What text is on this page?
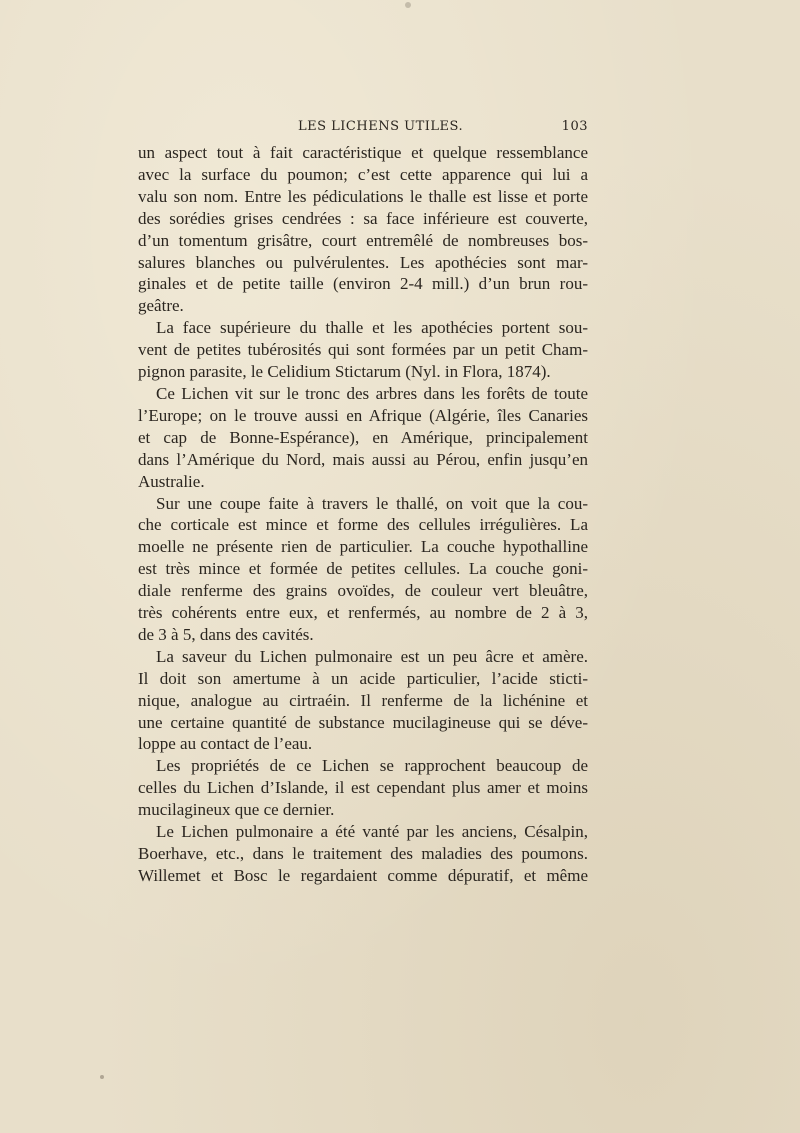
LES LICHENS UTILES.	103
un aspect tout à fait caractéristique et quelque ressemblance
avec la surface du poumon; c’est cette apparence qui lui a
valu son nom. Entre les pédiculations le thalle est lisse et porte
des sorédies grises cendrées : sa face inférieure est couverte,
d’un tomentum grisâtre, court entremêlé de nombreuses bos-
salures blanches ou pulvérulentes. Les apothécies sont mar-
ginales et de petite taille (environ 2-4 mill.) d’un brun rou-
geâtre.
La face supérieure du thalle et les apothécies portent sou-
vent de petites tubérosités qui sont formées par un petit Cham-
pignon parasite, le Celidium Stictarum (Nyl. in Flora, 1874).
Ce Lichen vit sur le tronc des arbres dans les forêts de toute
l’Europe; on le trouve aussi en Afrique (Algérie, îles Canaries
et cap de Bonne-Espérance), en Amérique, principalement
dans l’Amérique du Nord, mais aussi au Pérou, enfin jusqu’en
Australie.
Sur une coupe faite à travers le thallé, on voit que la cou-
che corticale est mince et forme des cellules irrégulières. La
moelle ne présente rien de particulier. La couche hypothalline
est très mince et formée de petites cellules. La couche goni-
diale renferme des grains ovoïdes, de couleur vert bleuâtre,
très cohérents entre eux, et renfermés, au nombre de 2 à 3,
de 3 à 5, dans des cavités.
La saveur du Lichen pulmonaire est un peu âcre et amère.
Il doit son amertume à un acide particulier, l’acide sticti-
nique, analogue au cirtraéin. Il renferme de la lichénine et
une certaine quantité de substance mucilagineuse qui se déve-
loppe au contact de l’eau.
Les propriétés de ce Lichen se rapprochent beaucoup de
celles du Lichen d’Islande, il est cependant plus amer et moins
mucilagineux que ce dernier.
Le Lichen pulmonaire a été vanté par les anciens, Césalpin,
Boerhave, etc., dans le traitement des maladies des poumons.
Willemet et Bosc le regardaient comme dépuratif, et même
